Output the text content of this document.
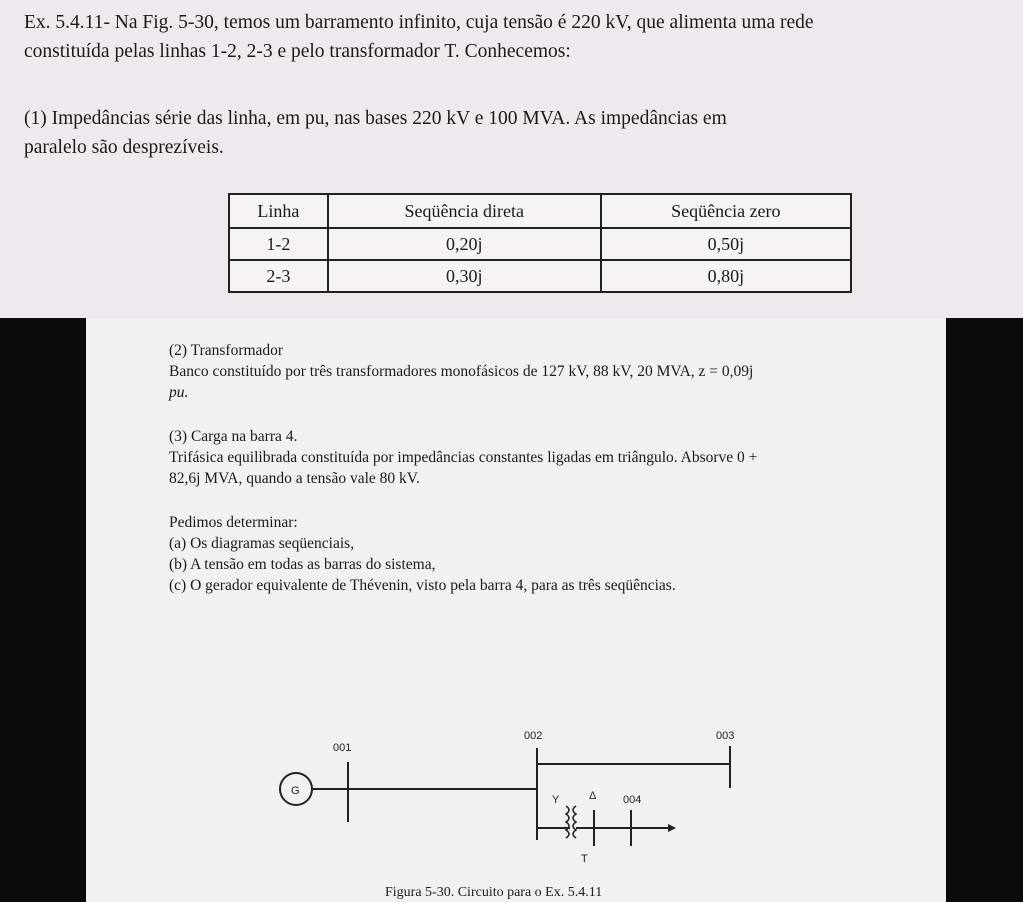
Ex. 5.4.11- Na Fig. 5-30, temos um barramento infinito, cuja tensão é 220 kV, que alimenta uma rede
constituída pelas linhas 1-2, 2-3 e pelo transformador T. Conhecemos:
(1) Impedâncias série das linha, em pu, nas bases 220 kV e 100 MVA. As impedâncias em
paralelo são desprezíveis.
Linha	Seqüência direta	Seqüência zero
1-2	0,20j	0,50j
2-3	0,30j	0,80j
(2) Transformador
Banco constituído por três transformadores monofásicos de 127 kV, 88 kV, 20 MVA, z = 0,09j
pu.
(3) Carga na barra 4.
Trifásica equilibrada constituída por impedâncias constantes ligadas em triângulo. Absorve 0 +
82,6j MVA, quando a tensão vale 80 kV.
Pedimos determinar:
(a) Os diagramas seqüenciais,
(b) A tensão em todas as barras do sistema,
(c) O gerador equivalente de Thévenin, visto pela barra 4, para as três seqüências.
001
G
002	003
Y	Δ
T
004
Figura 5-30. Circuito para o Ex. 5.4.11
